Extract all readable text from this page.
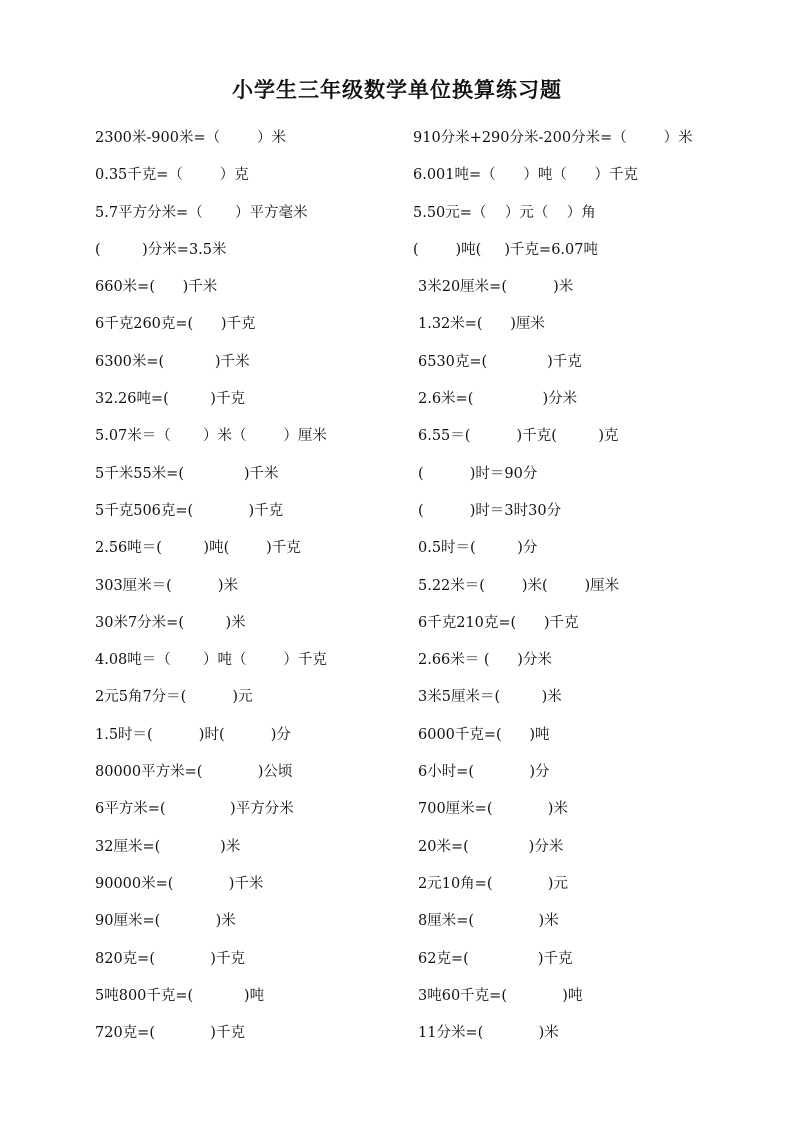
小学生三年级数学单位换算练习题

2300米-900米=（        ）米

	910分米+290分米-200分米=（        ）米

0.35千克=（        ）克

	6.001吨=（      ）吨（      ）千克

5.7平方分米=（       ）平方毫米

	5.50元=（    ）元（    ）角

(         )分米=3.5米

	(        )吨(     )千克=6.07吨

660米=(      )千米

	3米20厘米=(          )米

6千克260克=(      )千克

	1.32米=(      )厘米

6300米=(           )千米

	6530克=(             )千克

32.26吨=(         )千克

	2.6米=(               )分米

5.07米＝（       ）米（        ）厘米

	6.55＝(          )千克(         )克

5千米55米=(             )千米

	(          )时＝90分

5千克506克=(            )千克

	(          )时＝3时30分

2.56吨＝(         )吨(        )千克

	0.5时＝(         )分

303厘米＝(          )米

	5.22米＝(        )米(        )厘米

30米7分米=(         )米

	6千克210克=(      )千克

4.08吨＝（       ）吨（        ）千克

	2.66米＝ (      )分米

2元5角7分＝(          )元

	3米5厘米＝(         )米

1.5时＝(          )时(          )分

	6000千克=(      )吨

80000平方米=(            )公顷

	6小时=(            )分

6平方米=(              )平方分米

	700厘米=(            )米

32厘米=(             )米

	20米=(             )分米

90000米=(            )千米

	2元10角=(            )元

90厘米=(            )米

	8厘米=(              )米

820克=(            )千克

	62克=(               )千克

5吨800千克=(           )吨

	3吨60千克=(            )吨

720克=(            )千克

	11分米=(            )米
